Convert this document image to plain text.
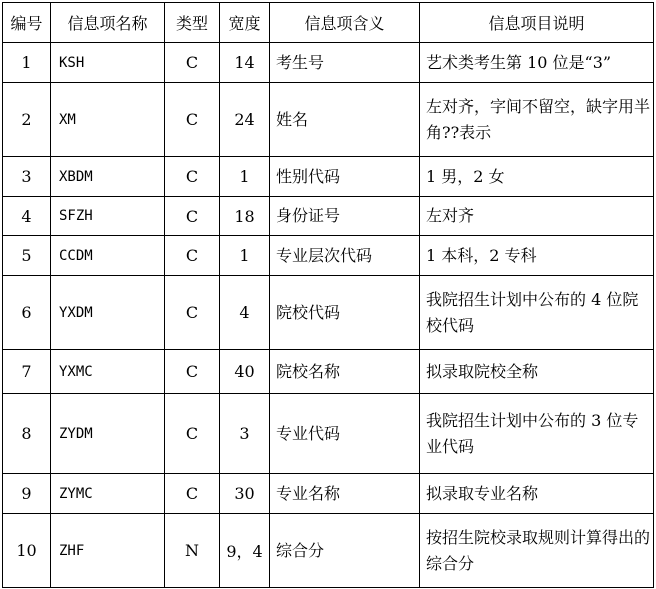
编号	信息项名称	类型	宽度	信息项含义	信息项目说明
1	KSH	C	14	考生号	艺术类考生第 10 位是“3”
2	XM	C	24	姓名	左对齐，字间不留空，缺字用半角??表示
3	XBDM	C	1	性别代码	1 男，2 女
4	SFZH	C	18	身份证号	左对齐
5	CCDM	C	1	专业层次代码	1 本科，2 专科
6	YXDM	C	4	院校代码	我院招生计划中公布的 4 位院校代码
7	YXMC	C	40	院校名称	拟录取院校全称
8	ZYDM	C	3	专业代码	我院招生计划中公布的 3 位专业代码
9	ZYMC	C	30	专业名称	拟录取专业名称
10	ZHF	N	9，4	综合分	按招生院校录取规则计算得出的综合分
